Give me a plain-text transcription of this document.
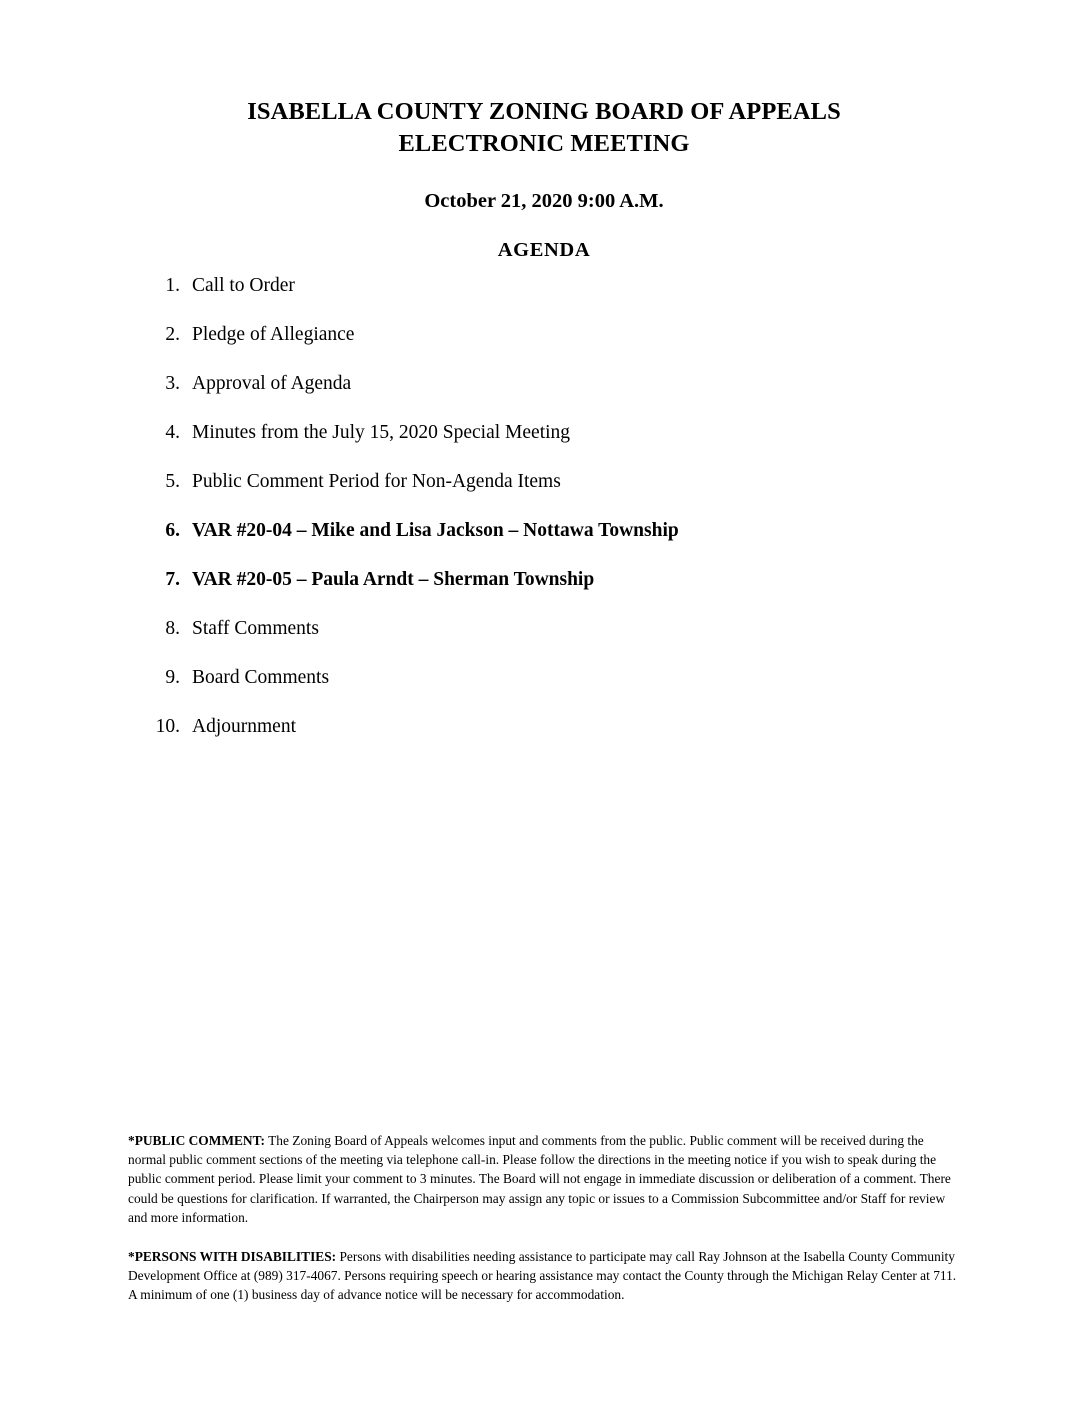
ISABELLA COUNTY ZONING BOARD OF APPEALS
ELECTRONIC MEETING

October 21, 2020 9:00 A.M.

AGENDA

1. Call to Order
2. Pledge of Allegiance
3. Approval of Agenda
4. Minutes from the July 15, 2020 Special Meeting
5. Public Comment Period for Non-Agenda Items
6. VAR #20-04 – Mike and Lisa Jackson – Nottawa Township
7. VAR #20-05 – Paula Arndt – Sherman Township
8. Staff Comments
9. Board Comments
10. Adjournment

*PUBLIC COMMENT: The Zoning Board of Appeals welcomes input and comments from the public. Public comment will be received during the normal public comment sections of the meeting via telephone call-in. Please follow the directions in the meeting notice if you wish to speak during the public comment period. Please limit your comment to 3 minutes. The Board will not engage in immediate discussion or deliberation of a comment. There could be questions for clarification. If warranted, the Chairperson may assign any topic or issues to a Commission Subcommittee and/or Staff for review and more information.

*PERSONS WITH DISABILITIES: Persons with disabilities needing assistance to participate may call Ray Johnson at the Isabella County Community Development Office at (989) 317-4067. Persons requiring speech or hearing assistance may contact the County through the Michigan Relay Center at 711. A minimum of one (1) business day of advance notice will be necessary for accommodation.
